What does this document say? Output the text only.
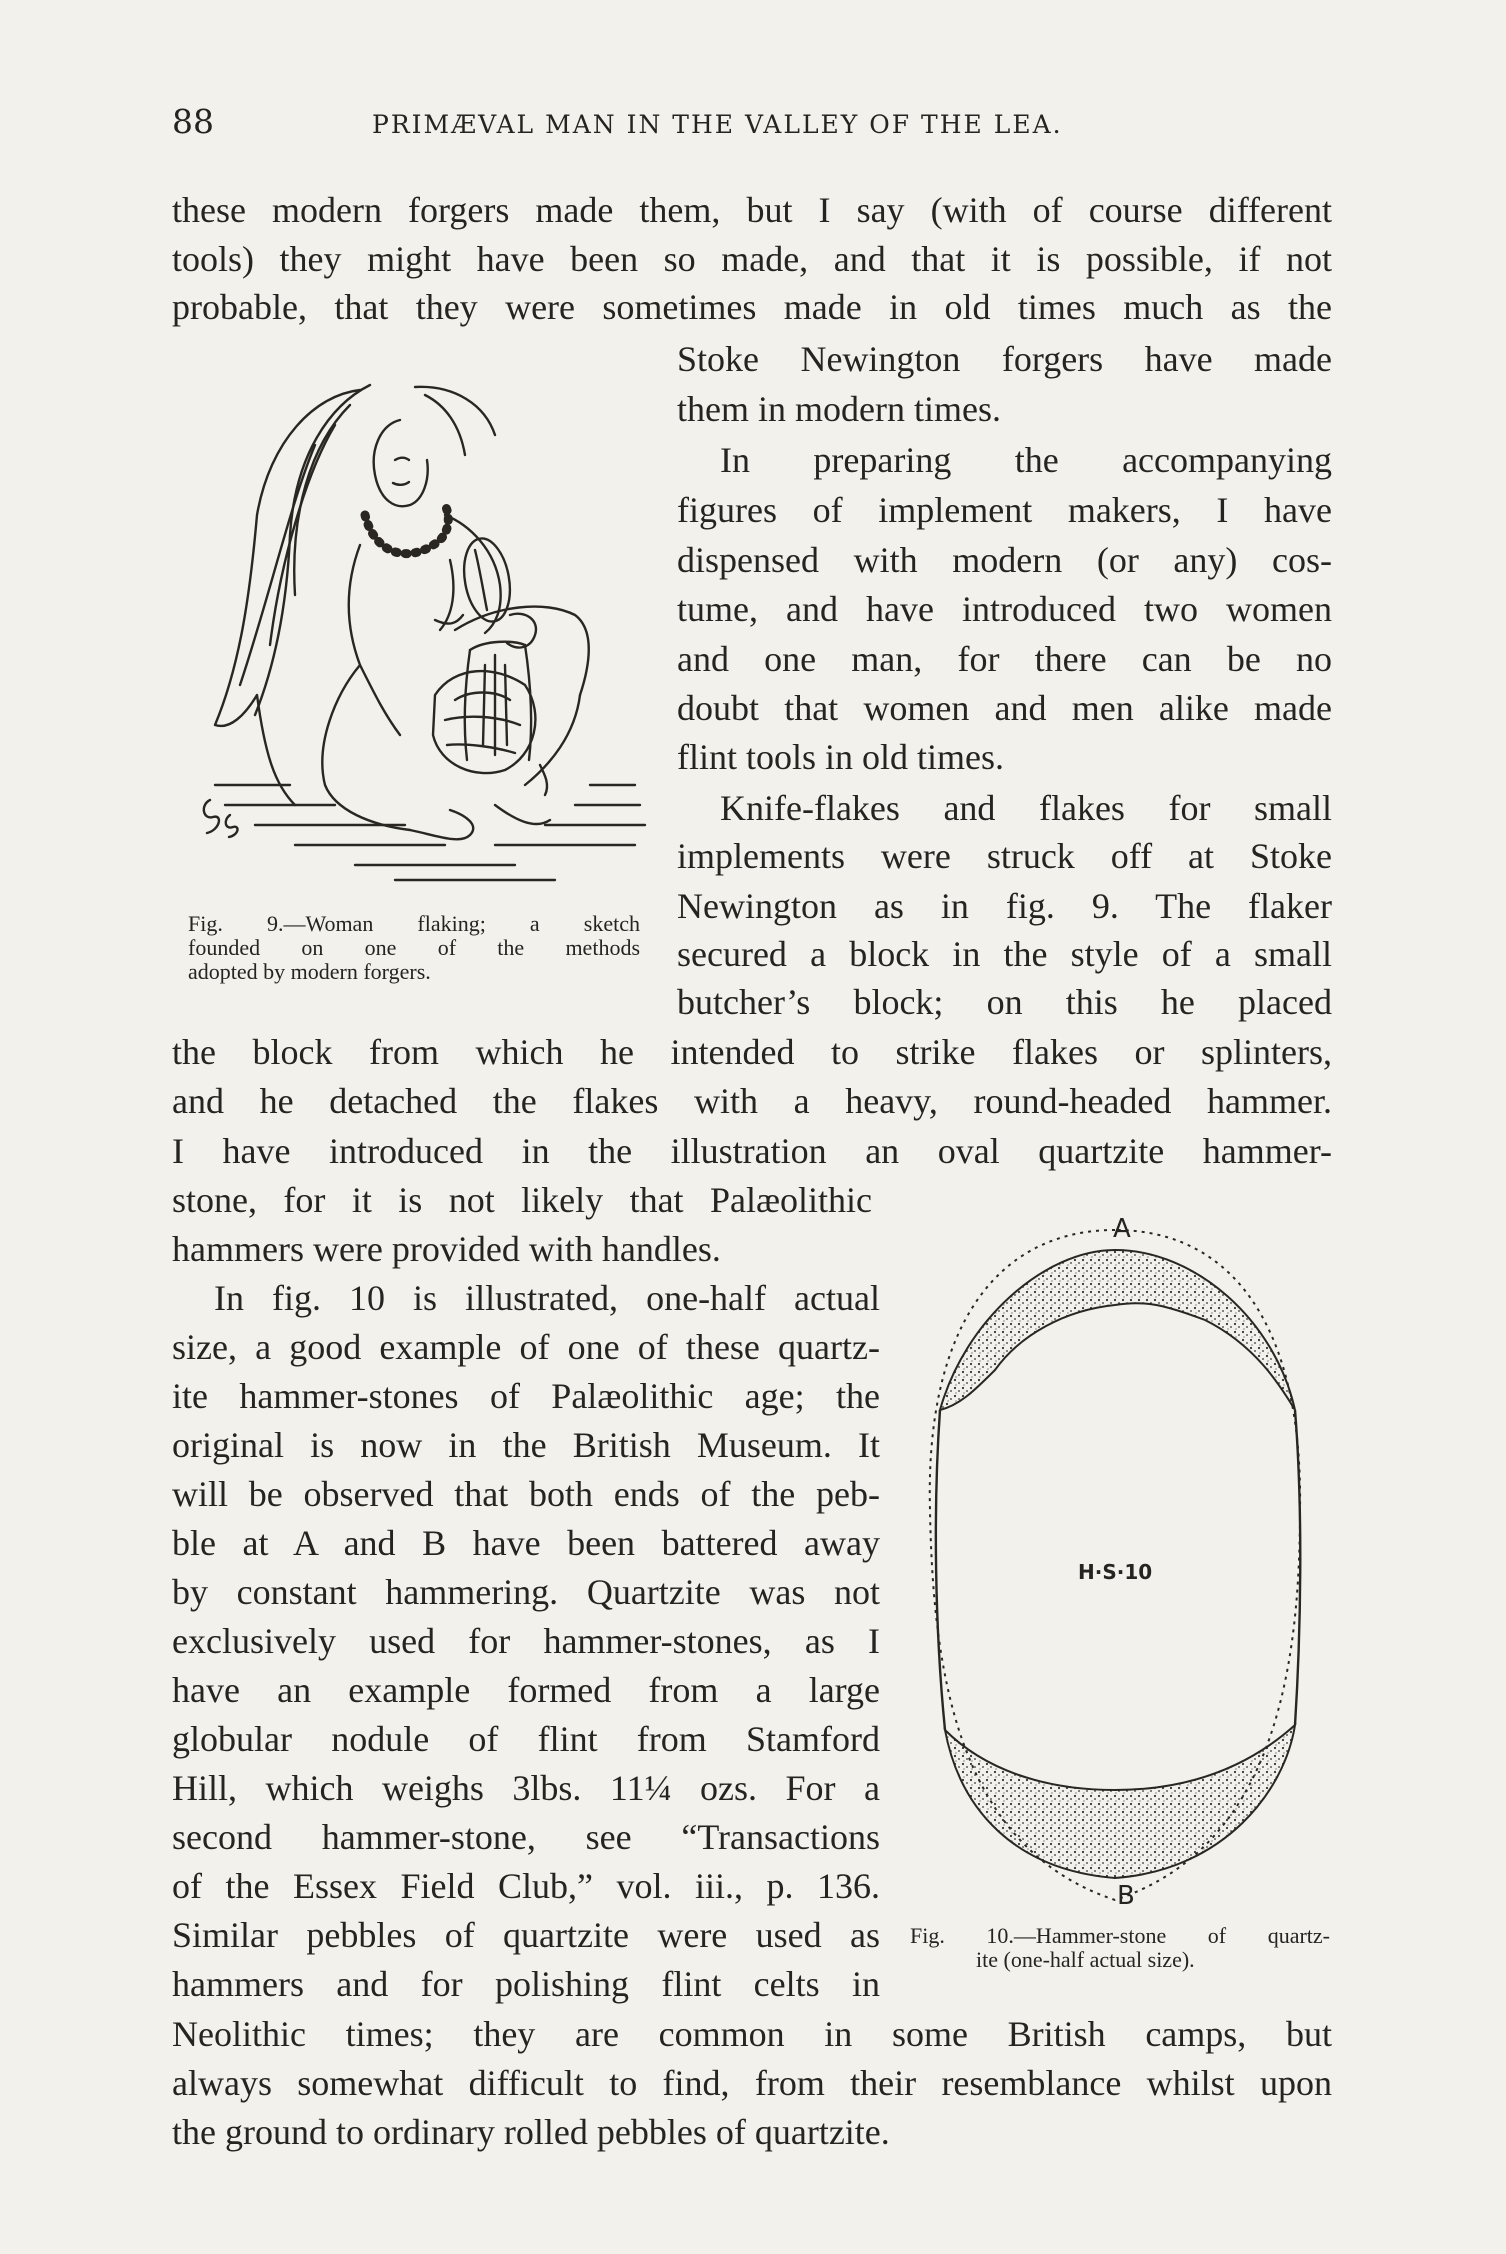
88	PRIMÆVAL MAN IN THE VALLEY OF THE LEA.
these modern forgers made them, but I say (with of course different
tools) they might have been so made, and that it is possible, if not
probable, that they were sometimes made in old times much as the
Stoke Newington forgers have made
them in modern times.
In preparing the accompanying
figures of implement makers, I have
dispensed with modern (or any) cos-
tume, and have introduced two women
and one man, for there can be no
doubt that women and men alike made
flint tools in old times.
Knife-flakes and flakes for small
implements were struck off at Stoke
Newington as in fig. 9. The flaker
secured a block in the style of a small
butcher’s block; on this he placed
the block from which he intended to strike flakes or splinters,
and he detached the flakes with a heavy, round-headed hammer.
I have introduced in the illustration an oval quartzite hammer-
stone, for it is not likely that Palæolithic
hammers were provided with handles.
In fig. 10 is illustrated, one-half actual
size, a good example of one of these quartz-
ite hammer-stones of Palæolithic age; the
original is now in the British Museum. It
will be observed that both ends of the peb-
ble at A and B have been battered away
by constant hammering. Quartzite was not
exclusively used for hammer-stones, as I
have an example formed from a large
globular nodule of flint from Stamford
Hill, which weighs 3lbs. 11¼ ozs. For a
second hammer-stone, see “Transactions
of the Essex Field Club,” vol. iii., p. 136.
Similar pebbles of quartzite were used as
hammers and for polishing flint celts in
Neolithic times; they are common in some British camps, but
always somewhat difficult to find, from their resemblance whilst upon
the ground to ordinary rolled pebbles of quartzite.
Fig. 9.—Woman flaking; a sketch
founded on one of the methods
adopted by modern forgers.
A
B
H·S·10
Fig. 10.—Hammer-stone of quartz-
ite (one-half actual size).
